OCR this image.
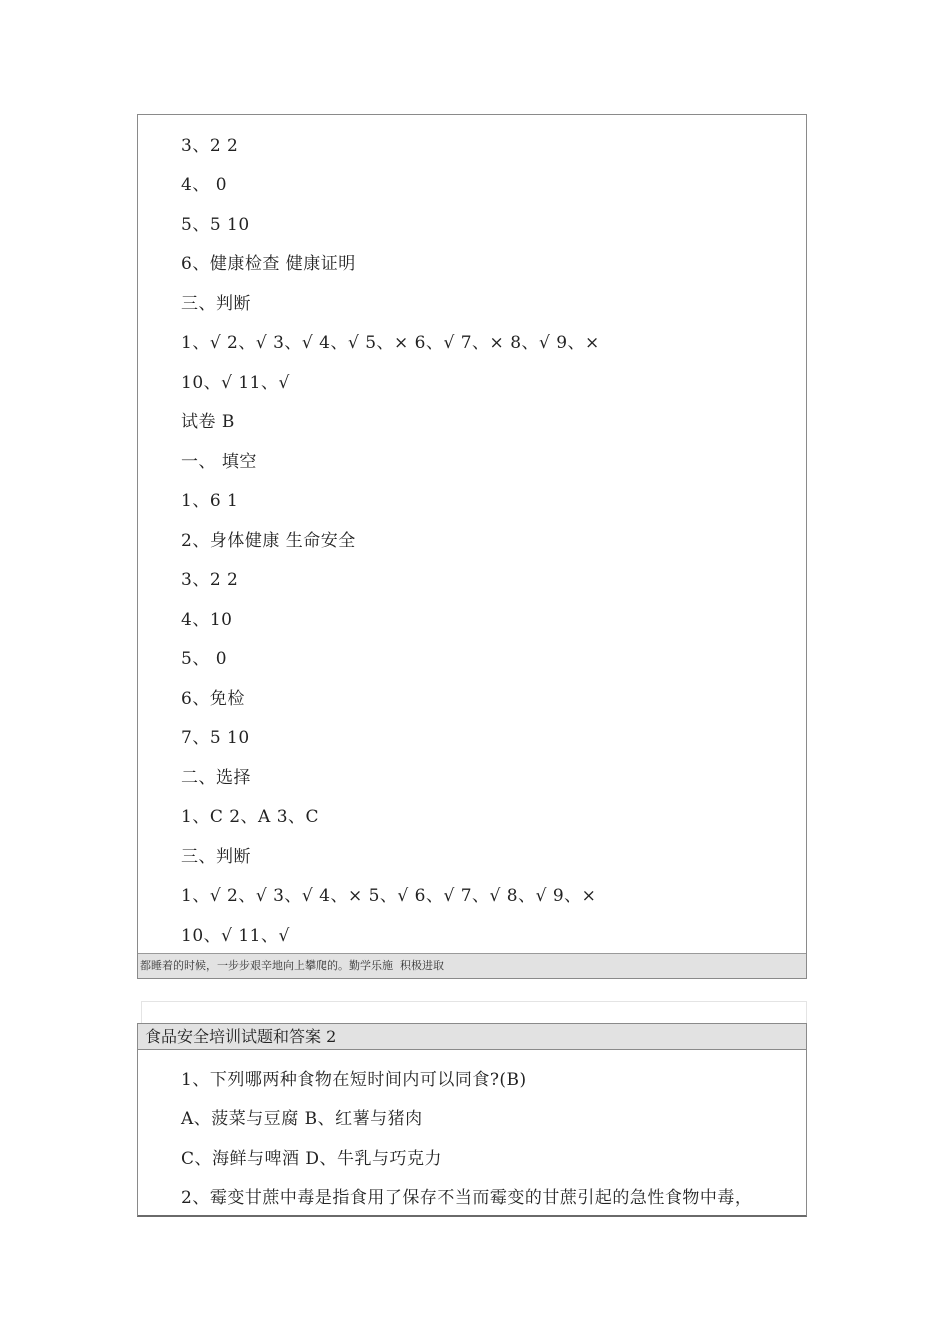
3、2 2
4、 0
5、5 10
6、健康检查 健康证明
三、判断
1、√ 2、√ 3、√ 4、√ 5、× 6、√ 7、× 8、√ 9、×
10、√ 11、√
试卷 B
一、 填空
1、6 1
2、身体健康 生命安全
3、2 2
4、10
5、 0
6、免检
7、5 10
二、选择
1、C 2、A 3、C
三、判断
1、√ 2、√ 3、√ 4、× 5、√ 6、√ 7、√ 8、√ 9、×
10、√ 11、√
都睡着的时候，一步步艰辛地向上攀爬的。勤学乐施  积极进取
食品安全培训试题和答案 2
1、下列哪两种食物在短时间内可以同食?(B)
A、菠菜与豆腐 B、红薯与猪肉
C、海鲜与啤酒 D、牛乳与巧克力
2、霉变甘蔗中毒是指食用了保存不当而霉变的甘蔗引起的急性食物中毒，
